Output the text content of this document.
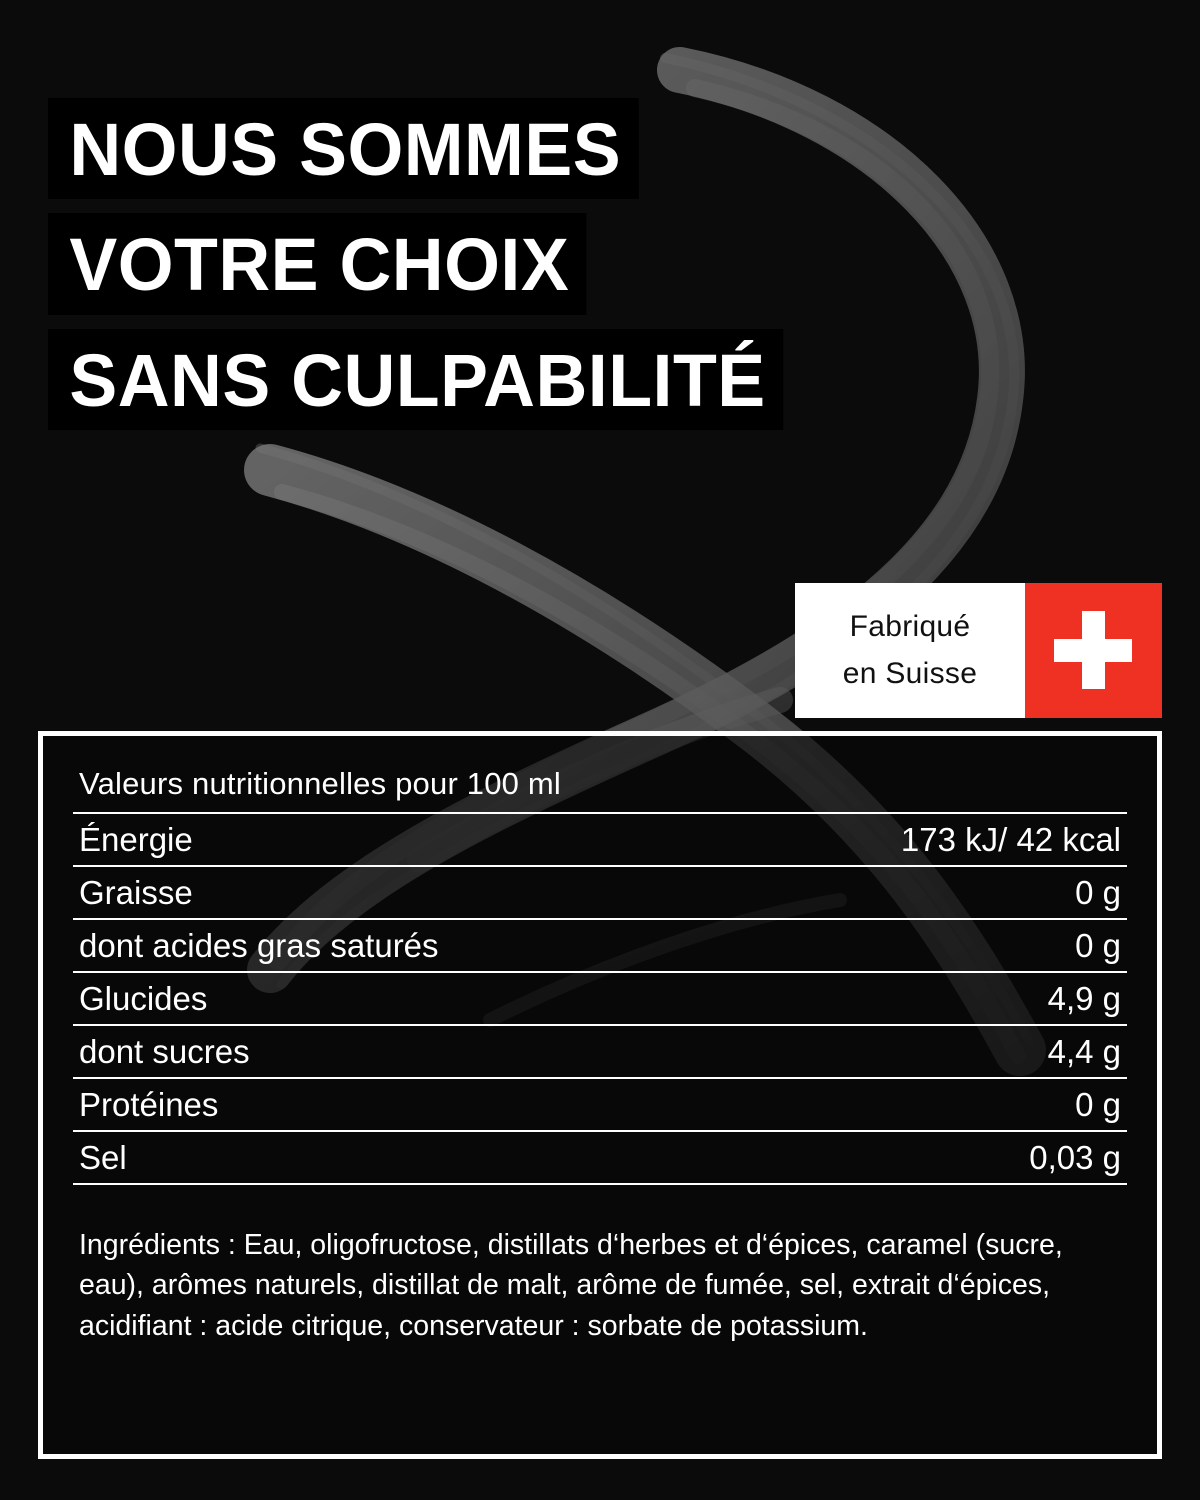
NOUS SOMMES
VOTRE CHOIX
SANS CULPABILITÉ
Fabriqué
en Suisse
Valeurs nutritionnelles pour 100 ml
Énergie	173 kJ/ 42 kcal
Graisse	0 g
dont acides gras saturés	0 g
Glucides	4,9 g
dont sucres	4,4 g
Protéines	0 g
Sel	0,03 g
Ingrédients : Eau, oligofructose, distillats d‘herbes et d‘épices, caramel (sucre, eau), arômes naturels, distillat de malt, arôme de fumée, sel, extrait d‘épices, acidifiant : acide citrique, conservateur : sorbate de potassium.
